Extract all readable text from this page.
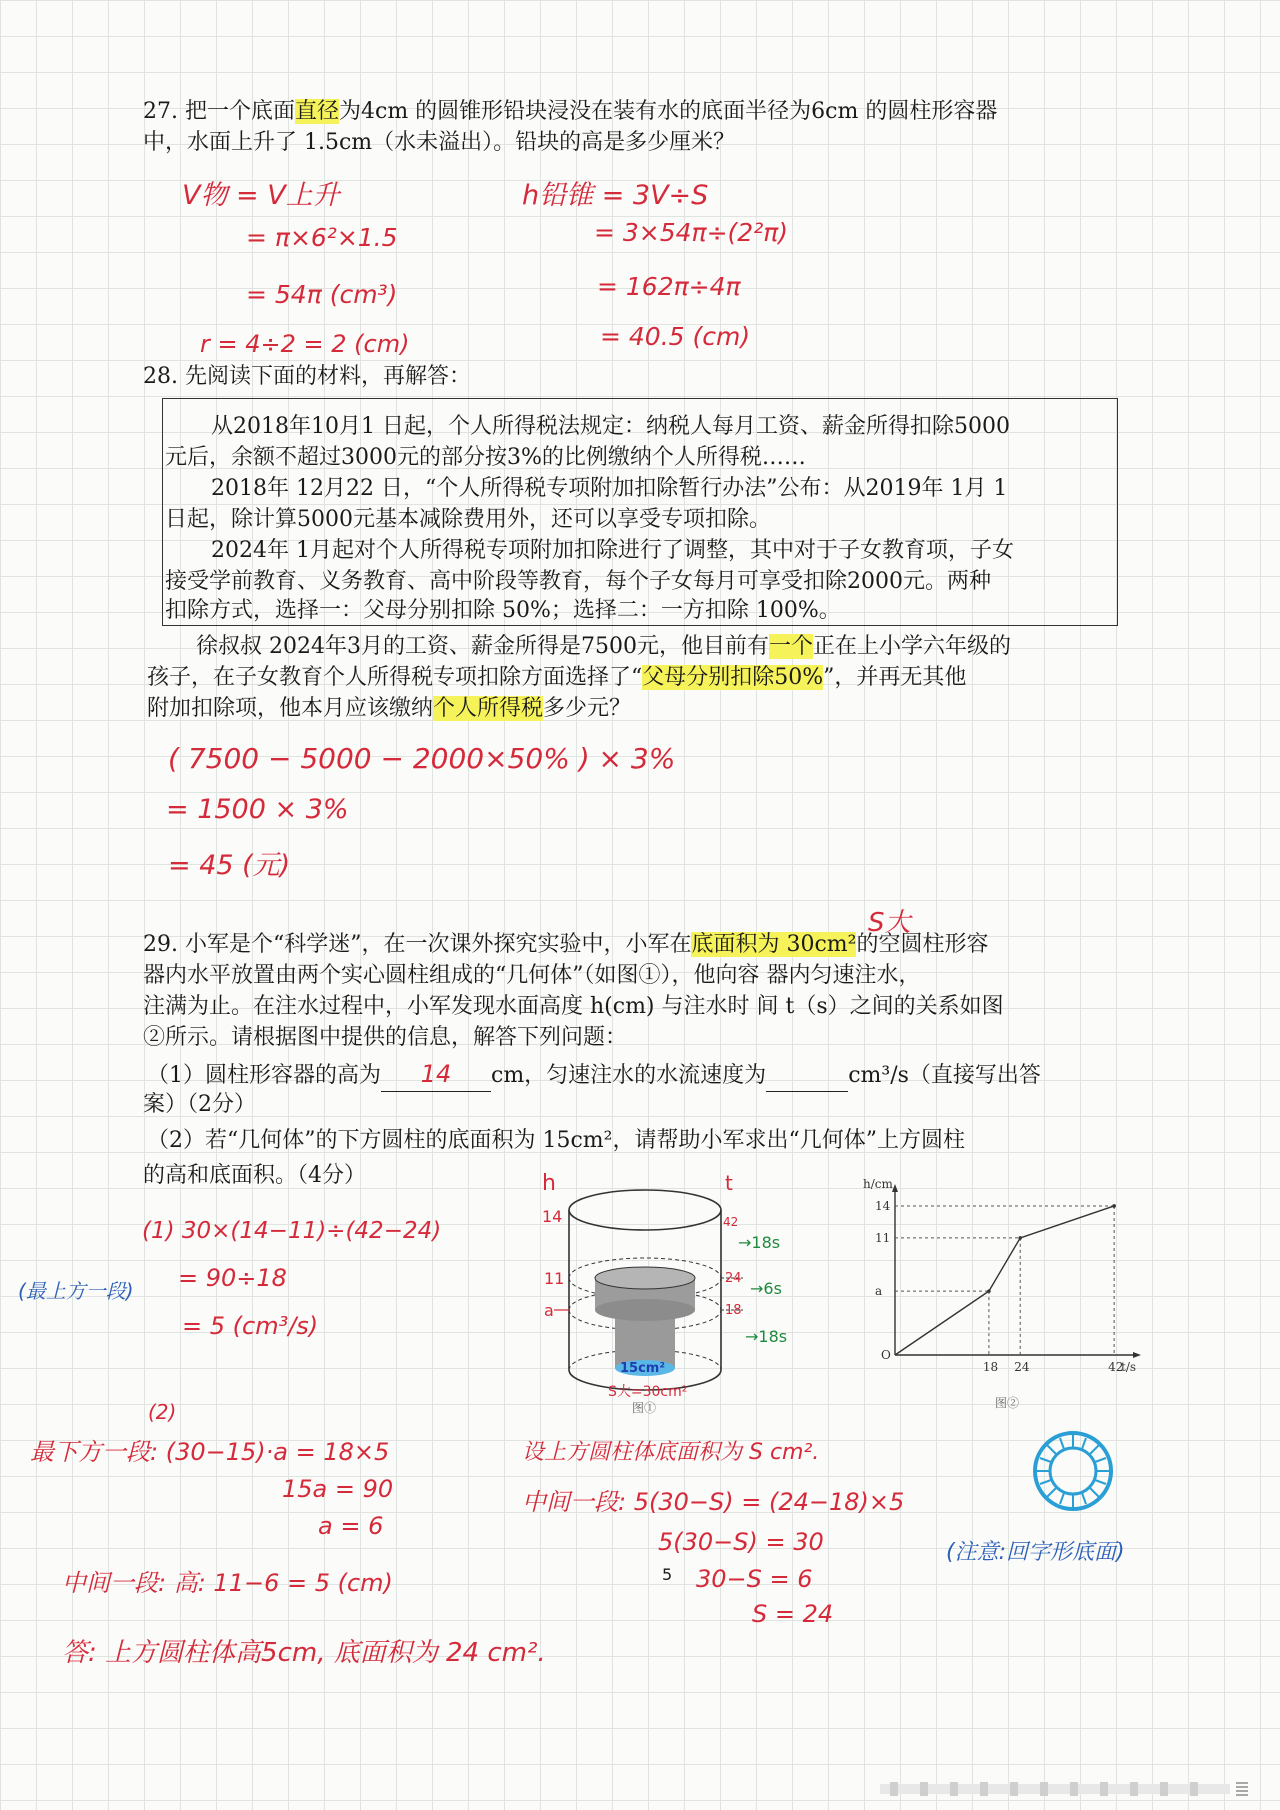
27. 把一个底面直径为4cm 的圆锥形铅块浸没在装有水的底面半径为6cm 的圆柱形容器
中，水面上升了 1.5cm（水未溢出）。铅块的高是多少厘米？
V物 = V上升
= π×6²×1.5
= 54π (cm³)
r = 4÷2 = 2 (cm)
h铅锥 = 3V÷S
= 3×54π÷(2²π)
= 162π÷4π
= 40.5 (cm)
28. 先阅读下面的材料，再解答：
从2018年10月1 日起，个人所得税法规定：纳税人每月工资、薪金所得扣除5000
元后，余额不超过3000元的部分按3%的比例缴纳个人所得税……
2018年 12月22 日，“个人所得税专项附加扣除暂行办法”公布：从2019年 1月 1
日起，除计算5000元基本减除费用外，还可以享受专项扣除。
2024年 1月起对个人所得税专项附加扣除进行了调整，其中对于子女教育项，子女
接受学前教育、义务教育、高中阶段等教育，每个子女每月可享受扣除2000元。两种
扣除方式，选择一：父母分别扣除 50%；选择二：一方扣除 100%。
徐叔叔 2024年3月的工资、薪金所得是7500元，他目前有一个正在上小学六年级的
孩子，在子女教育个人所得税专项扣除方面选择了“父母分别扣除50%”，并再无其他
附加扣除项，他本月应该缴纳个人所得税多少元？
( 7500 − 5000 − 2000×50% ) × 3%
= 1500 × 3%
= 45 (元)
S大
29. 小军是个“科学迷”，在一次课外探究实验中，小军在底面积为 30cm²的空圆柱形容
器内水平放置由两个实心圆柱组成的“几何体”（如图①），他向容 器内匀速注水，
注满为止。在注水过程中，小军发现水面高度 h(cm) 与注水时 间 t（s）之间的关系如图
②所示。请根据图中提供的信息，解答下列问题：
（1）圆柱形容器的高为 14 cm，匀速注水的水流速度为	cm³/s（直接写出答
案）（2分）
（2）若“几何体”的下方圆柱的底面积为 15cm²，请帮助小军求出“几何体”上方圆柱
的高和底面积。（4分）
(1) 30×(14−11)÷(42−24)
= 90÷18
= 5 (cm³/s)
(最上方一段)
(2)
最下方一段: (30−15)·a = 18×5
15a = 90
a = 6
中间一段: 高: 11−6 = 5 (cm)
设上方圆柱体底面积为 S cm².
中间一段: 5(30−S) = (24−18)×5
5(30−S) = 30
5 30−S = 6
S = 24
答: 上方圆柱体高5cm, 底面积为 24 cm².
(注意:回字形底面)
h	t
14
11
a
42
24
18
→18s
→6s
→18s
15cm²
S大=30cm²
图①
O
18 24	42
a
11
14
t/s
h/cm
图②
